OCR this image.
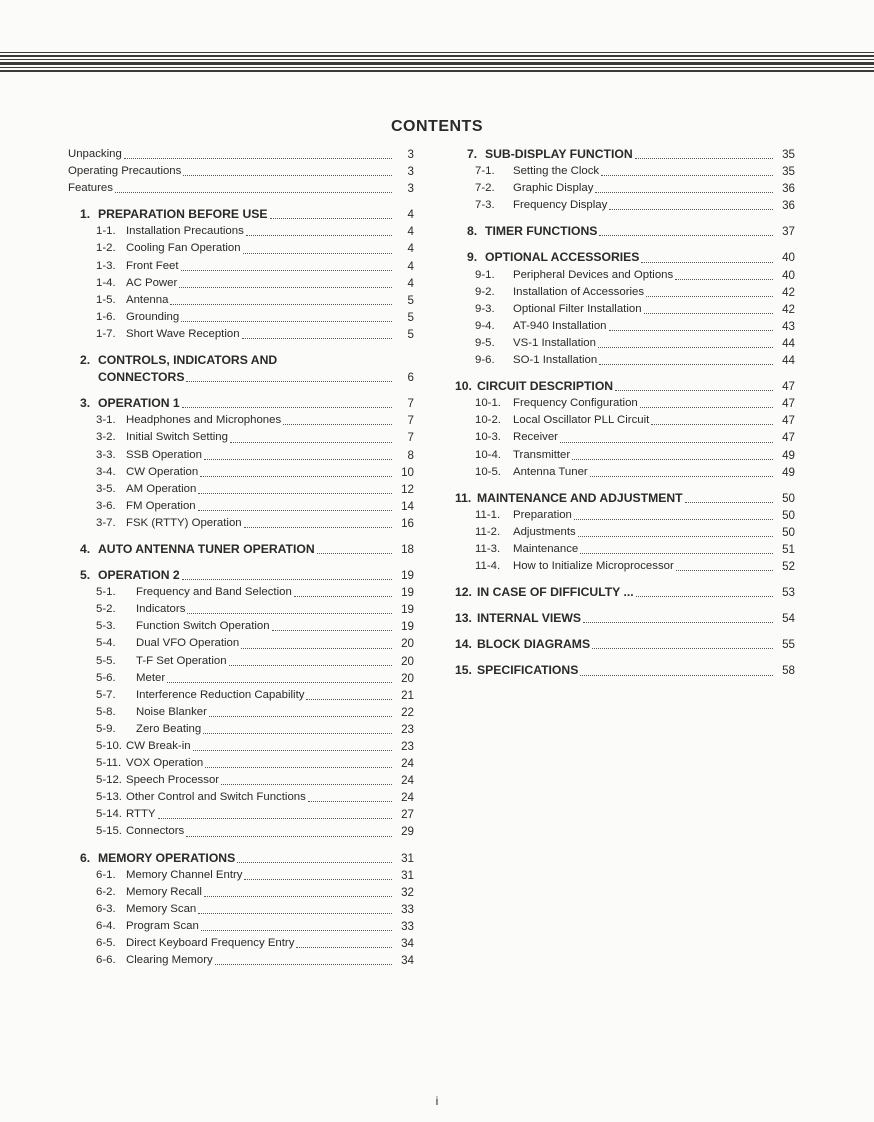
CONTENTS
Unpacking	3
Operating Precautions	3
Features	3
1. PREPARATION BEFORE USE	4
1-1. Installation Precautions	4
1-2. Cooling Fan Operation	4
1-3. Front Feet	4
1-4. AC Power	4
1-5. Antenna	5
1-6. Grounding	5
1-7. Short Wave Reception	5
2. CONTROLS, INDICATORS AND
CONNECTORS	6
3. OPERATION 1	7
3-1. Headphones and Microphones	7
3-2. Initial Switch Setting	7
3-3. SSB Operation	8
3-4. CW Operation	10
3-5. AM Operation	12
3-6. FM Operation	14
3-7. FSK (RTTY) Operation	16
4. AUTO ANTENNA TUNER OPERATION	18
5. OPERATION 2	19
5-1.	Frequency and Band Selection	19
5-2.	Indicators	19
5-3.	Function Switch Operation	19
5-4.	Dual VFO Operation	20
5-5.	T-F Set Operation	20
5-6.	Meter	20
5-7.	Interference Reduction Capability	21
5-8.	Noise Blanker	22
5-9.	Zero Beating	23
5-10. CW Break-in	23
5-11. VOX Operation	24
5-12. Speech Processor	24
5-13. Other Control and Switch Functions	24
5-14. RTTY	27
5-15. Connectors	29
6. MEMORY OPERATIONS	31
6-1. Memory Channel Entry	31
6-2. Memory Recall	32
6-3. Memory Scan	33
6-4. Program Scan	33
6-5. Direct Keyboard Frequency Entry	34
6-6. Clearing Memory	34
7. SUB-DISPLAY FUNCTION	35
7-1.	Setting the Clock	35
7-2.	Graphic Display	36
7-3.	Frequency Display	36
8. TIMER FUNCTIONS	37
9. OPTIONAL ACCESSORIES	40
9-1.	Peripheral Devices and Options	40
9-2.	Installation of Accessories	42
9-3.	Optional Filter Installation	42
9-4.	AT-940 Installation	43
9-5.	VS-1 Installation	44
9-6.	SO-1 Installation	44
10. CIRCUIT DESCRIPTION	47
10-1.	Frequency Configuration	47
10-2.	Local Oscillator PLL Circuit	47
10-3.	Receiver	47
10-4.	Transmitter	49
10-5.	Antenna Tuner	49
11. MAINTENANCE AND ADJUSTMENT	50
11-1.	Preparation	50
11-2.	Adjustments	50
11-3.	Maintenance	51
11-4.	How to Initialize Microprocessor	52
12. IN CASE OF DIFFICULTY ...	53
13. INTERNAL VIEWS	54
14. BLOCK DIAGRAMS	55
15. SPECIFICATIONS	58
i
